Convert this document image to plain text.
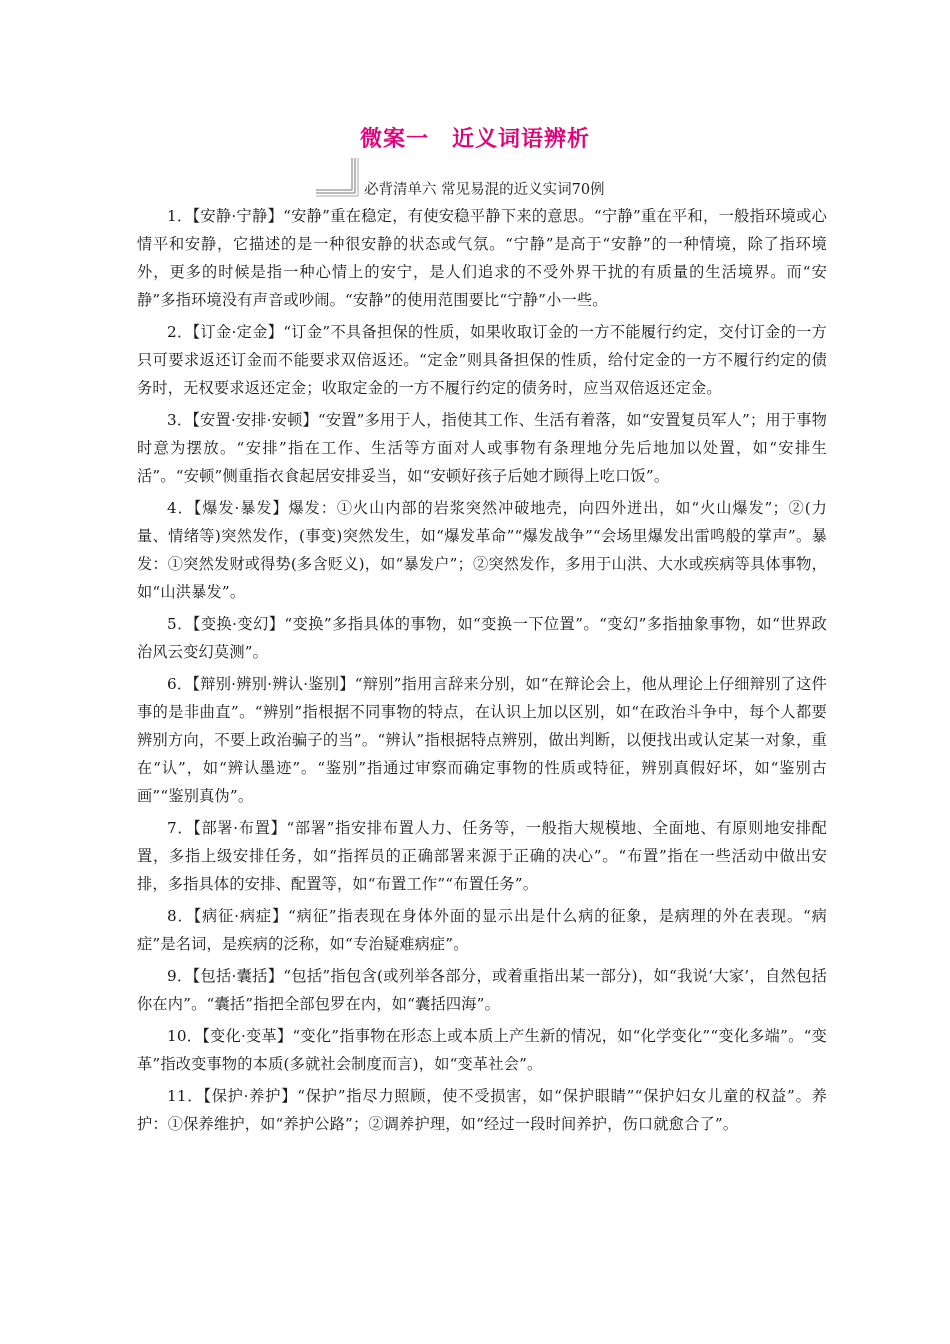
微案一　近义词语辨析
必背清单六 常见易混的近义实词70例

1．【安静·宁静】“安静”重在稳定，有使安稳平静下来的意思。“宁静”重在平和，一般指环境或心情平和安静，它描述的是一种很安静的状态或气氛。“宁静”是高于“安静”的一种情境，除了指环境外，更多的时候是指一种心情上的安宁，是人们追求的不受外界干扰的有质量的生活境界。而“安静”多指环境没有声音或吵闹。“安静”的使用范围要比“宁静”小一些。

2．【订金·定金】“订金”不具备担保的性质，如果收取订金的一方不能履行约定，交付订金的一方只可要求返还订金而不能要求双倍返还。“定金”则具备担保的性质，给付定金的一方不履行约定的债务时，无权要求返还定金；收取定金的一方不履行约定的债务时，应当双倍返还定金。

3．【安置·安排·安顿】“安置”多用于人，指使其工作、生活有着落，如“安置复员军人”；用于事物时意为摆放。“安排”指在工作、生活等方面对人或事物有条理地分先后地加以处置，如“安排生活”。“安顿”侧重指衣食起居安排妥当，如“安顿好孩子后她才顾得上吃口饭”。

4．【爆发·暴发】爆发：①火山内部的岩浆突然冲破地壳，向四外迸出，如“火山爆发”；②(力量、情绪等)突然发作，(事变)突然发生，如“爆发革命”“爆发战争”“会场里爆发出雷鸣般的掌声”。暴发：①突然发财或得势(多含贬义)，如“暴发户”；②突然发作，多用于山洪、大水或疾病等具体事物，如“山洪暴发”。

5．【变换·变幻】“变换”多指具体的事物，如“变换一下位置”。“变幻”多指抽象事物，如“世界政治风云变幻莫测”。

6．【辩别·辨别·辨认·鉴别】“辩别”指用言辞来分别，如“在辩论会上，他从理论上仔细辩别了这件事的是非曲直”。“辨别”指根据不同事物的特点，在认识上加以区别，如“在政治斗争中，每个人都要辨别方向，不要上政治骗子的当”。“辨认”指根据特点辨别，做出判断，以便找出或认定某一对象，重在“认”，如“辨认墨迹”。“鉴别”指通过审察而确定事物的性质或特征，辨别真假好坏，如“鉴别古画”“鉴别真伪”。

7．【部署·布置】“部署”指安排布置人力、任务等，一般指大规模地、全面地、有原则地安排配置，多指上级安排任务，如“指挥员的正确部署来源于正确的决心”。“布置”指在一些活动中做出安排，多指具体的安排、配置等，如“布置工作”“布置任务”。

8．【病征·病症】“病征”指表现在身体外面的显示出是什么病的征象，是病理的外在表现。“病症”是名词，是疾病的泛称，如“专治疑难病症”。

9．【包括·囊括】“包括”指包含(或列举各部分，或着重指出某一部分)，如“我说‘大家’，自然包括你在内”。“囊括”指把全部包罗在内，如“囊括四海”。

10．【变化·变革】“变化”指事物在形态上或本质上产生新的情况，如“化学变化”“变化多端”。“变革”指改变事物的本质(多就社会制度而言)，如“变革社会”。

11．【保护·养护】“保护”指尽力照顾，使不受损害，如“保护眼睛”“保护妇女儿童的权益”。养护：①保养维护，如“养护公路”；②调养护理，如“经过一段时间养护，伤口就愈合了”。
